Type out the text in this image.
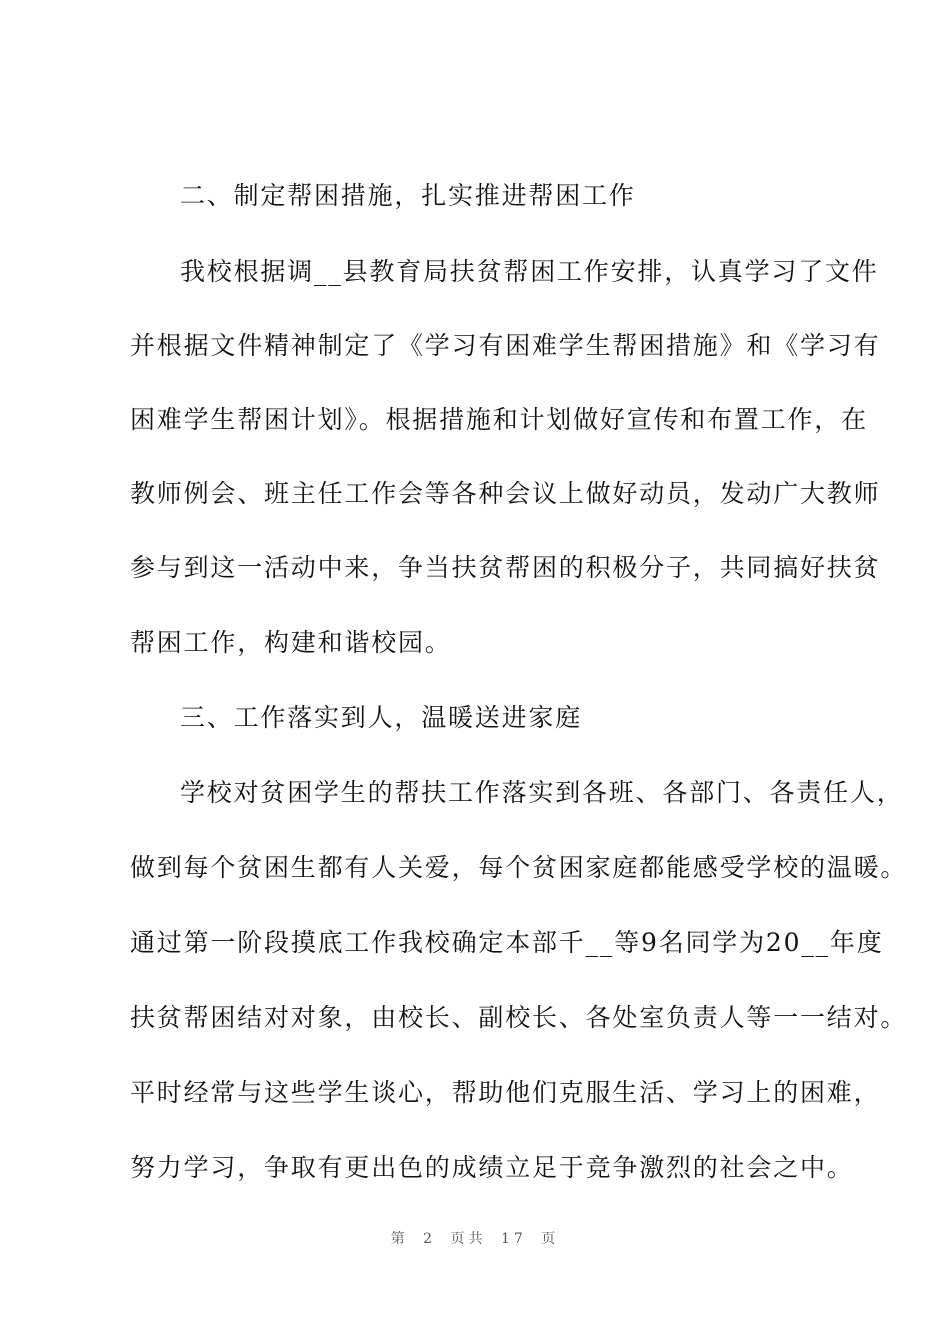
二、制定帮困措施，扎实推进帮困工作
我校根据调__县教育局扶贫帮困工作安排，认真学习了文件
并根据文件精神制定了《学习有困难学生帮困措施》和《学习有
困难学生帮困计划》。根据措施和计划做好宣传和布置工作，在
教师例会、班主任工作会等各种会议上做好动员，发动广大教师
参与到这一活动中来，争当扶贫帮困的积极分子，共同搞好扶贫
帮困工作，构建和谐校园。
三、工作落实到人，温暖送进家庭
学校对贫困学生的帮扶工作落实到各班、各部门、各责任人，
做到每个贫困生都有人关爱，每个贫困家庭都能感受学校的温暖。
通过第一阶段摸底工作我校确定本部千__等9名同学为20__年度
扶贫帮困结对对象，由校长、副校长、各处室负责人等一一结对。
平时经常与这些学生谈心，帮助他们克服生活、学习上的困难，
努力学习，争取有更出色的成绩立足于竞争激烈的社会之中。
第 2 页共 17 页
